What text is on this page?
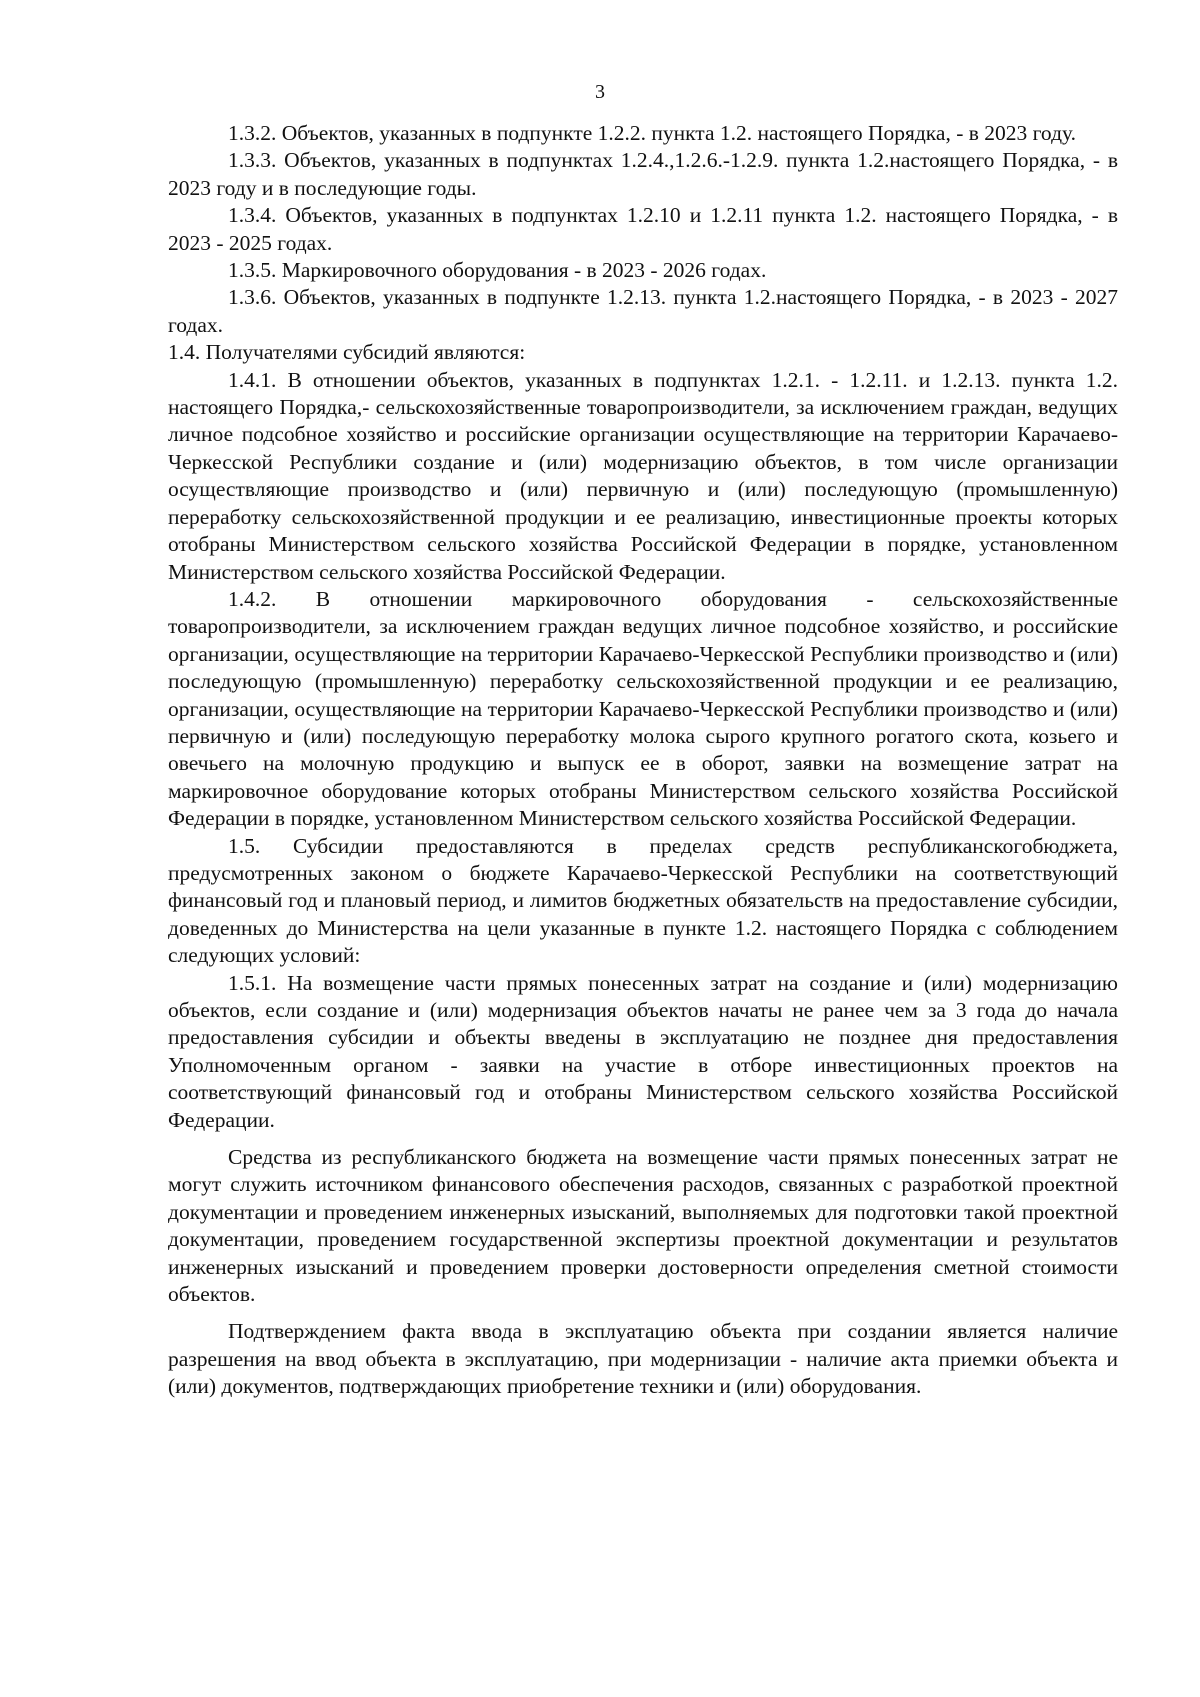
3

1.3.2. Объектов, указанных в подпункте 1.2.2. пункта 1.2. настоящего Порядка, - в 2023 году.

1.3.3. Объектов, указанных в подпунктах 1.2.4.,1.2.6.-1.2.9. пункта 1.2.настоящего Порядка, - в 2023 году и в последующие годы.

1.3.4. Объектов, указанных в подпунктах 1.2.10 и 1.2.11 пункта 1.2. настоящего Порядка, - в 2023 - 2025 годах.

1.3.5. Маркировочного оборудования - в 2023 - 2026 годах.

1.3.6. Объектов, указанных в подпункте 1.2.13. пункта 1.2.настоящего Порядка, - в 2023 - 2027 годах.

1.4. Получателями субсидий являются:

1.4.1. В отношении объектов, указанных в подпунктах 1.2.1. - 1.2.11. и 1.2.13. пункта 1.2. настоящего Порядка,- сельскохозяйственные товаропроизводители, за исключением граждан, ведущих личное подсобное хозяйство и российские организации осуществляющие на территории Карачаево-Черкесской Республики создание и (или) модернизацию объектов, в том числе организации осуществляющие производство и (или) первичную и (или) последующую (промышленную) переработку сельскохозяйственной продукции и ее реализацию, инвестиционные проекты которых отобраны Министерством сельского хозяйства Российской Федерации в порядке, установленном Министерством сельского хозяйства Российской Федерации.

1.4.2. В отношении маркировочного оборудования - сельскохозяйственные товаропроизводители, за исключением граждан ведущих личное подсобное хозяйство, и российские организации, осуществляющие на территории Карачаево-Черкесской Республики производство и (или) последующую (промышленную) переработку сельскохозяйственной продукции и ее реализацию, организации, осуществляющие на территории Карачаево-Черкесской Республики производство и (или) первичную и (или) последующую переработку молока сырого крупного рогатого скота, козьего и овечьего на молочную продукцию и выпуск ее в оборот, заявки на возмещение затрат на маркировочное оборудование которых отобраны Министерством сельского хозяйства Российской Федерации в порядке, установленном Министерством сельского хозяйства Российской Федерации.

1.5. Субсидии предоставляются в пределах средств республиканскогобюджета, предусмотренных законом о бюджете Карачаево-Черкесской Республики на соответствующий финансовый год и плановый период, и лимитов бюджетных обязательств на предоставление субсидии, доведенных до Министерства на цели указанные в пункте 1.2. настоящего Порядка с соблюдением следующих условий:

1.5.1. На возмещение части прямых понесенных затрат на создание и (или) модернизацию объектов, если создание и (или) модернизация объектов начаты не ранее чем за 3 года до начала предоставления субсидии и объекты введены в эксплуатацию не позднее дня предоставления Уполномоченным органом - заявки на участие в отборе инвестиционных проектов на соответствующий финансовый год и отобраны Министерством сельского хозяйства Российской Федерации.

Средства из республиканского бюджета на возмещение части прямых понесенных затрат не могут служить источником финансового обеспечения расходов, связанных с разработкой проектной документации и проведением инженерных изысканий, выполняемых для подготовки такой проектной документации, проведением государственной экспертизы проектной документации и результатов инженерных изысканий и проведением проверки достоверности определения сметной стоимости объектов.

Подтверждением факта ввода в эксплуатацию объекта при создании является наличие разрешения на ввод объекта в эксплуатацию, при модернизации - наличие акта приемки объекта и (или) документов, подтверждающих приобретение техники и (или) оборудования.
